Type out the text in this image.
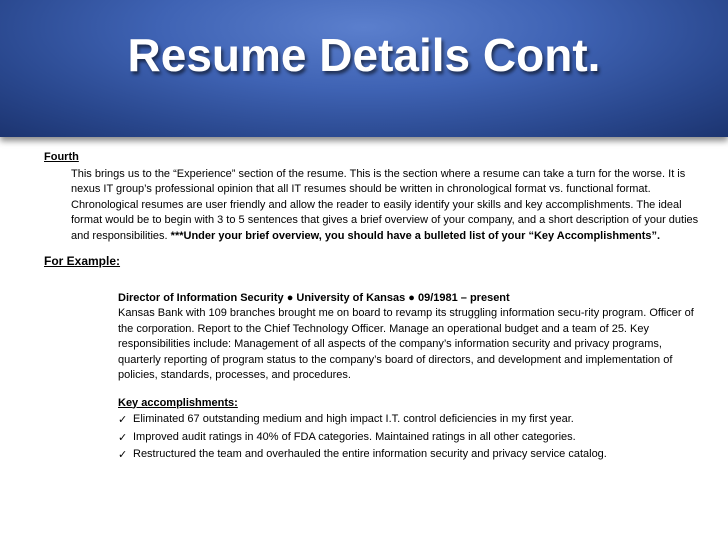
Resume Details Cont.
Fourth
This brings us to the “Experience” section of the resume. This is the section where a resume can take a turn for the worse. It is nexus IT group’s professional opinion that all IT resumes should be written in chronological format vs. functional format. Chronological resumes are user friendly and allow the reader to easily identify your skills and key accomplishments. The ideal format would be to begin with 3 to 5 sentences that gives a brief overview of your company, and a short description of your duties and responsibilities. ***Under your brief overview, you should have a bulleted list of your “Key Accomplishments”.
For Example:
Director of Information Security ● University of Kansas ● 09/1981 – present
Kansas Bank with 109 branches brought me on board to revamp its struggling information secu-rity program. Officer of the corporation. Report to the Chief Technology Officer. Manage an operational budget and a team of 25. Key responsibilities include: Management of all aspects of the company’s information security and privacy programs, quarterly reporting of program status to the company’s board of directors, and development and implementation of policies, standards, processes, and procedures.
Key accomplishments:
✓ Eliminated 67 outstanding medium and high impact I.T. control deficiencies in my first year.
✓ Improved audit ratings in 40% of FDA categories. Maintained ratings in all other categories.
✓ Restructured the team and overhauled the entire information security and privacy service catalog.
